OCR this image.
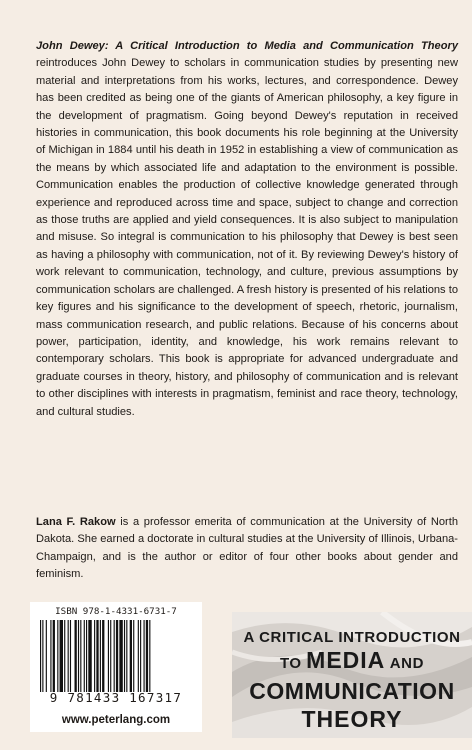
John Dewey: A Critical Introduction to Media and Communication Theory reintroduces John Dewey to scholars in communication studies by presenting new material and interpretations from his works, lectures, and correspondence. Dewey has been credited as being one of the giants of American philosophy, a key figure in the development of pragmatism. Going beyond Dewey's reputation in received histories in communication, this book documents his role beginning at the University of Michigan in 1884 until his death in 1952 in establishing a view of communication as the means by which associated life and adaptation to the environment is possible. Communication enables the production of collective knowledge generated through experience and reproduced across time and space, subject to change and correction as those truths are applied and yield consequences. It is also subject to manipulation and misuse. So integral is communication to his philosophy that Dewey is best seen as having a philosophy with communication, not of it. By reviewing Dewey's history of work relevant to communication, technology, and culture, previous assumptions by communication scholars are challenged. A fresh history is presented of his relations to key figures and his significance to the development of speech, rhetoric, journalism, mass communication research, and public relations. Because of his concerns about power, participation, identity, and knowledge, his work remains relevant to contemporary scholars. This book is appropriate for advanced undergraduate and graduate courses in theory, history, and philosophy of communication and is relevant to other disciplines with interests in pragmatism, feminist and race theory, technology, and cultural studies.

Lana F. Rakow is a professor emerita of communication at the University of North Dakota. She earned a doctorate in cultural studies at the University of Illinois, Urbana-Champaign, and is the author or editor of four other books about gender and feminism.

ISBN 978-1-4331-6731-7
9 781433 167317
www.peterlang.com
A CRITICAL INTRODUCTION
TO MEDIA AND
COMMUNICATION
THEORY
